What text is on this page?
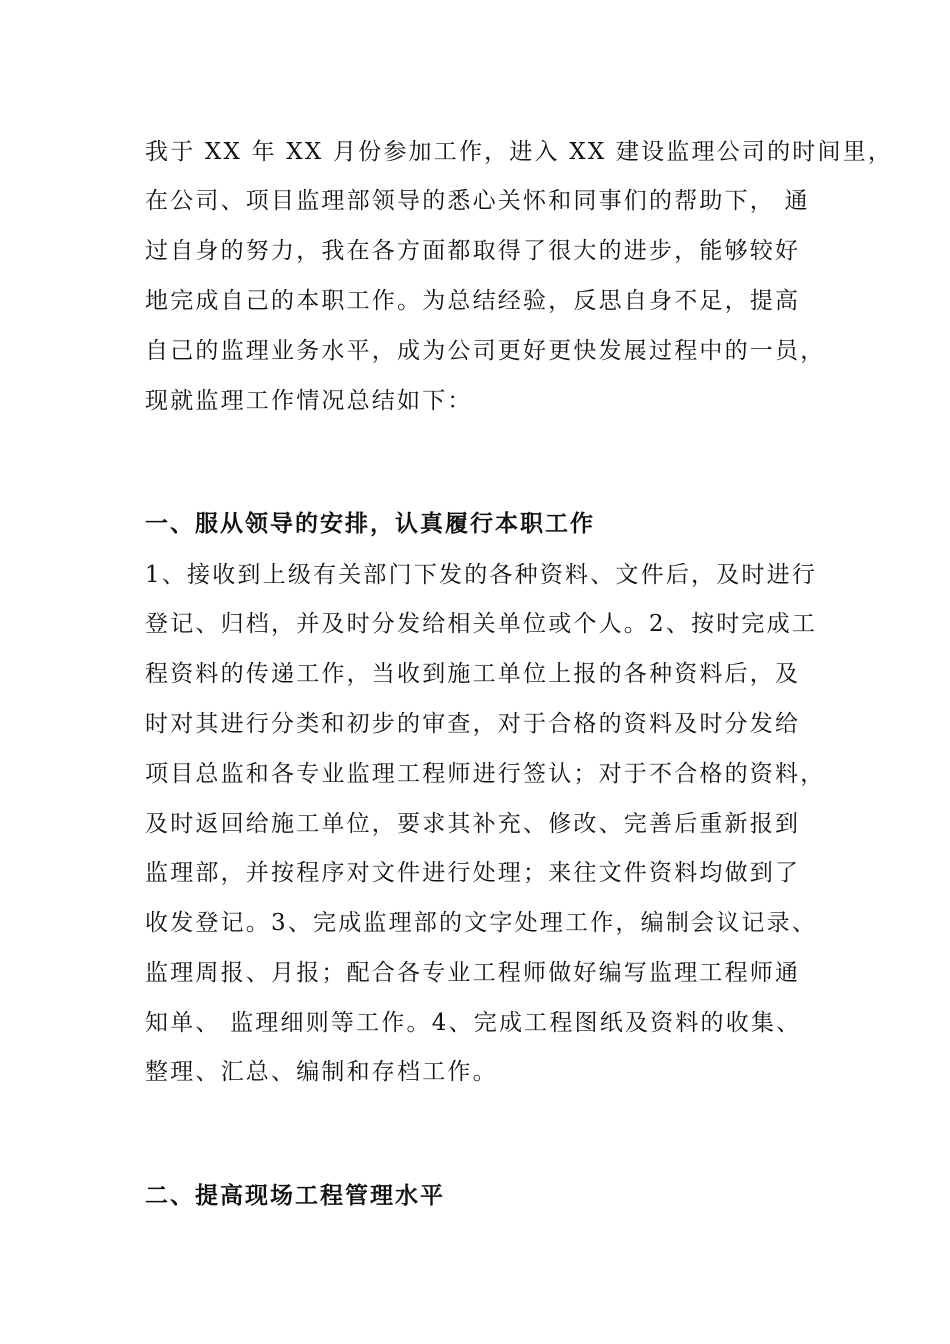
我于 XX 年 XX 月份参加工作，进入 XX 建设监理公司的时间里，
在公司、项目监理部领导的悉心关怀和同事们的帮助下， 通
过自身的努力，我在各方面都取得了很大的进步，能够较好
地完成自己的本职工作。为总结经验，反思自身不足，提高
自己的监理业务水平，成为公司更好更快发展过程中的一员，
现就监理工作情况总结如下：
一、服从领导的安排，认真履行本职工作
1、接收到上级有关部门下发的各种资料、文件后，及时进行
登记、归档，并及时分发给相关单位或个人。2、按时完成工
程资料的传递工作，当收到施工单位上报的各种资料后，及
时对其进行分类和初步的审查，对于合格的资料及时分发给
项目总监和各专业监理工程师进行签认；对于不合格的资料，
及时返回给施工单位，要求其补充、修改、完善后重新报到
监理部，并按程序对文件进行处理；来往文件资料均做到了
收发登记。3、完成监理部的文字处理工作，编制会议记录、
监理周报、月报；配合各专业工程师做好编写监理工程师通
知单、 监理细则等工作。4、完成工程图纸及资料的收集、
整理、汇总、编制和存档工作。
二、提高现场工程管理水平
